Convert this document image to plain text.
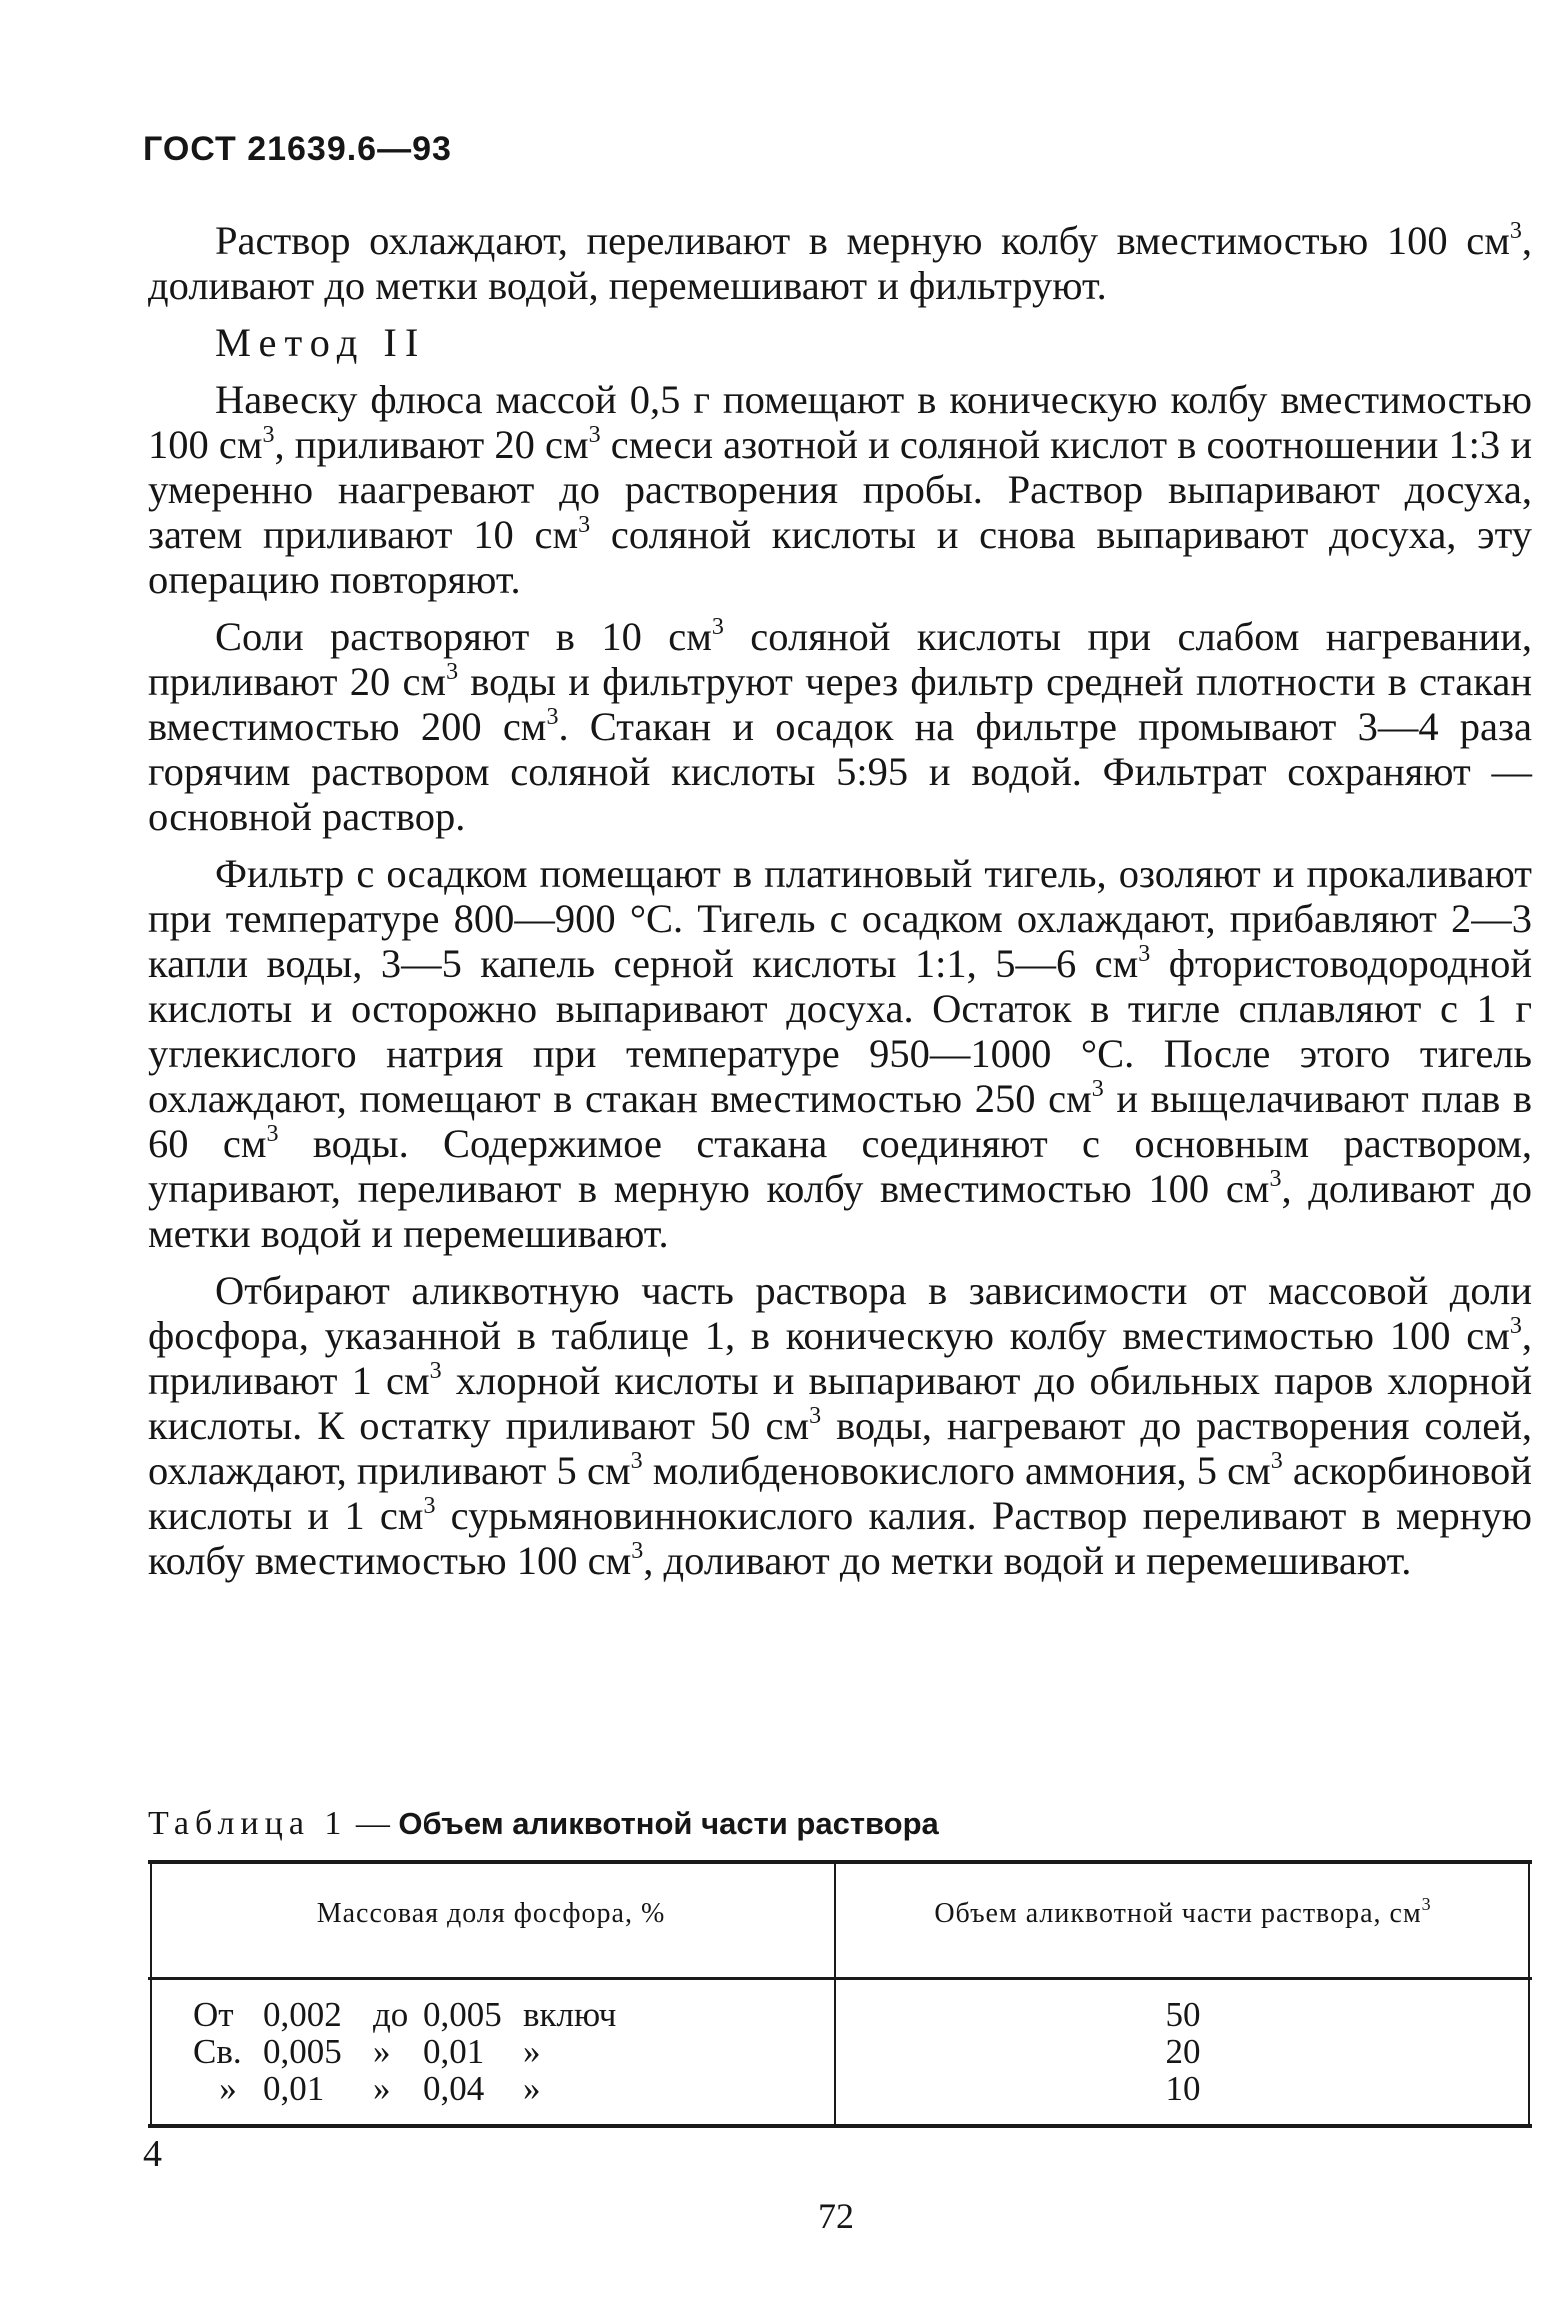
ГОСТ 21639.6—93

Раствор охлаждают, переливают в мерную колбу вместимостью 100 $см^3$, доливают до метки водой, перемешивают и фильтруют.

Метод II

Навеску флюса массой 0,5 г помещают в коническую колбу вместимостью 100 $см^3$, приливают 20 $см^3$ смеси азотной и соляной кислот в соотношении 1:3 и умеренно наагревают до растворения пробы. Раствор выпаривают досуха, затем приливают 10 $см^3$ соляной кислоты и снова выпаривают досуха, эту операцию повторяют.

Соли растворяют в 10 $см^3$ соляной кислоты при слабом нагревании, приливают 20 $см^3$ воды и фильтруют через фильтр средней плотности в стакан вместимостью 200 $см^3$. Стакан и осадок на фильтре промывают 3—4 раза горячим раствором соляной кислоты 5:95 и водой. Фильтрат сохраняют — основной раствор.

Фильтр с осадком помещают в платиновый тигель, озоляют и прокаливают при температуре 800—900 °С. Тигель с осадком охлаждают, прибавляют 2—3 капли воды, 3—5 капель серной кислоты 1:1, 5—6 $см^3$ фтористоводородной кислоты и осторожно выпаривают досуха. Остаток в тигле сплавляют с 1 г углекислого натрия при температуре 950—1000 °С. После этого тигель охлаждают, помещают в стакан вместимостью 250 $см^3$ и выщелачивают плав в 60 $см^3$ воды. Содержимое стакана соединяют с основным раствором, упаривают, переливают в мерную колбу вместимостью 100 $см^3$, доливают до метки водой и перемешивают.

Отбирают аликвотную часть раствора в зависимости от массовой доли фосфора, указанной в таблице 1, в коническую колбу вместимостью 100 $см^3$, приливают 1 $см^3$ хлорной кислоты и выпаривают до обильных паров хлорной кислоты. К остатку приливают 50 $см^3$ воды, нагревают до растворения солей, охлаждают, приливают 5 $см^3$ молибденовокислого аммония, 5 $см^3$ аскорбиновой кислоты и 1 $см^3$ сурьмяновиннокислого калия. Раствор переливают в мерную колбу вместимостью 100 $см^3$, доливают до метки водой и перемешивают.

Таблица 1 — Объем аликвотной части раствора
Массовая доля фосфора, %	Объем аликвотной части раствора, $см^3$
От 0,002 до 0,005 включ
Св. 0,005 » 0,01 »
» 0,01 » 0,04 »
50
20
10
4
72
